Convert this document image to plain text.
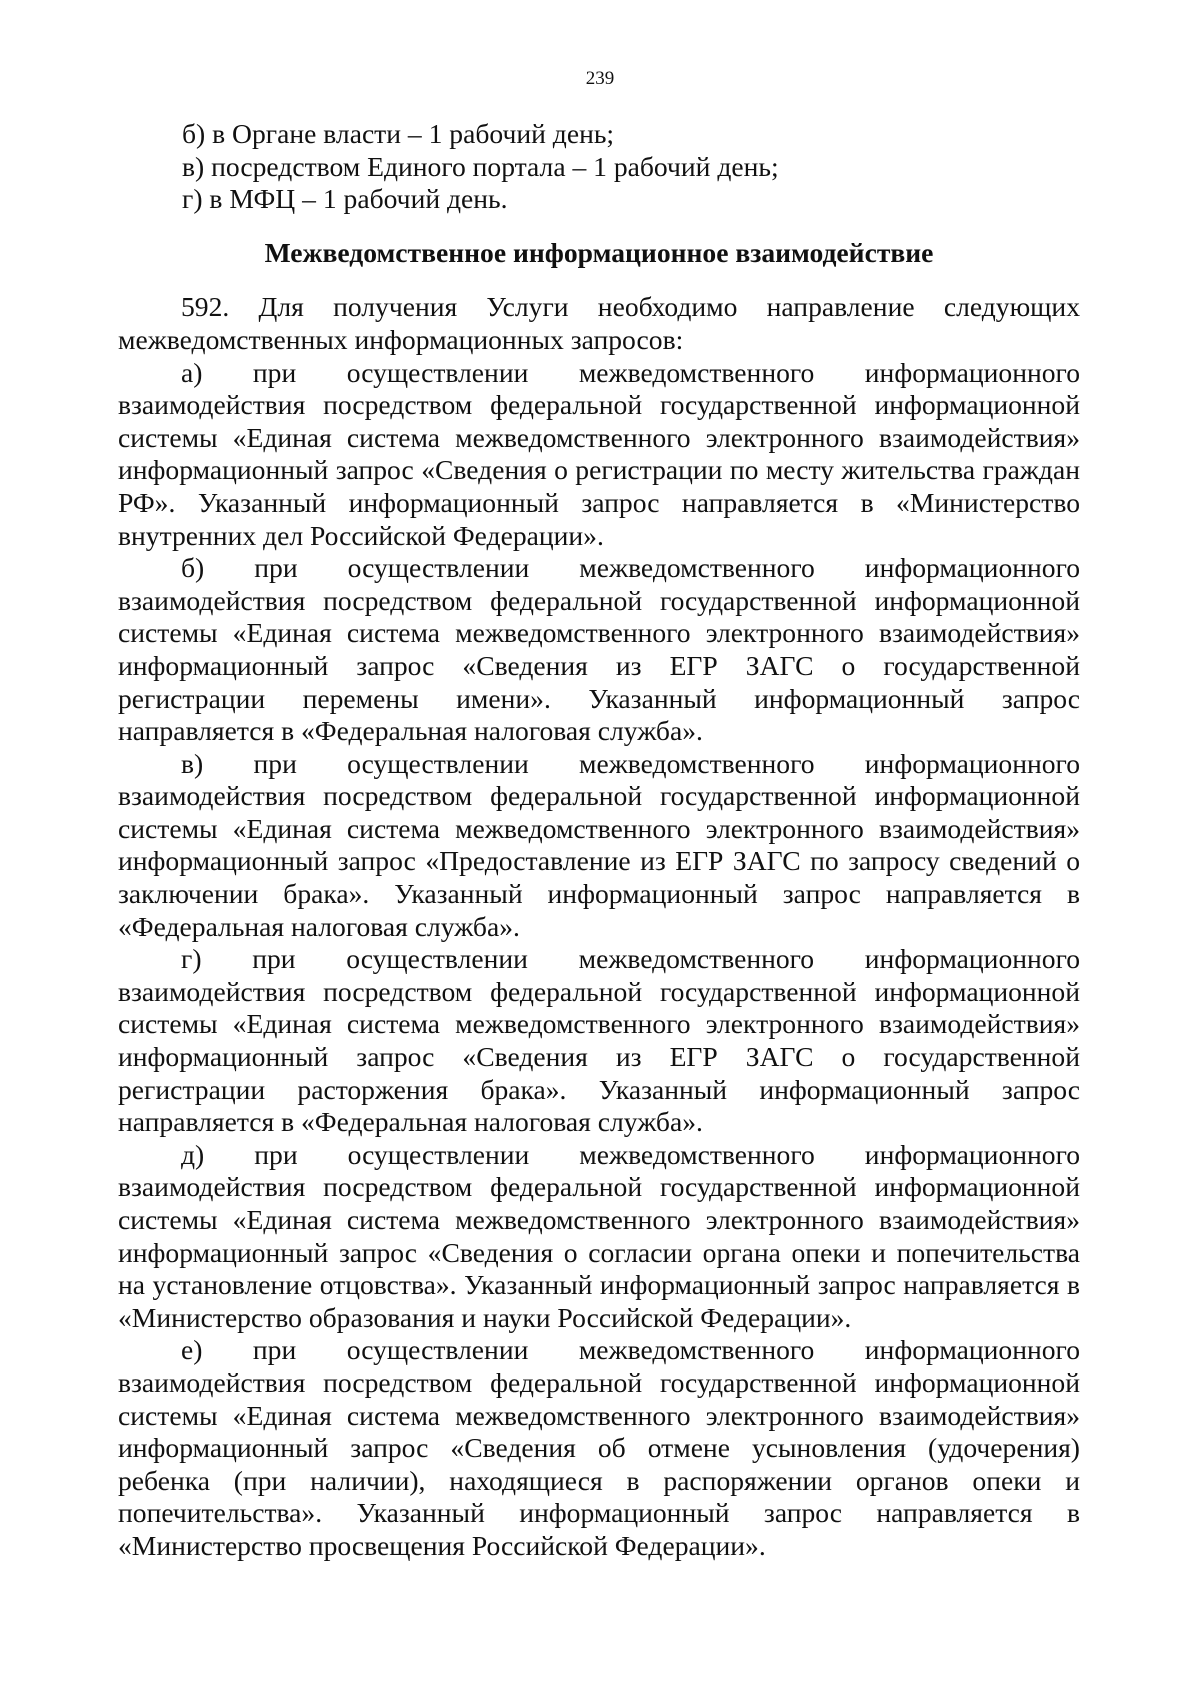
239

б) в Органе власти – 1 рабочий день;

в) посредством Единого портала – 1 рабочий день;

г) в МФЦ – 1 рабочий день.

Межведомственное информационное взаимодействие

592. Для получения Услуги необходимо направление следующих межведомственных информационных запросов:

а) при осуществлении межведомственного информационного взаимодействия посредством федеральной государственной информационной системы «Единая система межведомственного электронного взаимодействия» информационный запрос «Сведения о регистрации по месту жительства граждан РФ». Указанный информационный запрос направляется в «Министерство внутренних дел Российской Федерации».

б) при осуществлении межведомственного информационного взаимодействия посредством федеральной государственной информационной системы «Единая система межведомственного электронного взаимодействия» информационный запрос «Сведения из ЕГР ЗАГС о государственной регистрации перемены имени». Указанный информационный запрос направляется в «Федеральная налоговая служба».

в) при осуществлении межведомственного информационного взаимодействия посредством федеральной государственной информационной системы «Единая система межведомственного электронного взаимодействия» информационный запрос «Предоставление из ЕГР ЗАГС по запросу сведений о заключении брака». Указанный информационный запрос направляется в «Федеральная налоговая служба».

г) при осуществлении межведомственного информационного взаимодействия посредством федеральной государственной информационной системы «Единая система межведомственного электронного взаимодействия» информационный запрос «Сведения из ЕГР ЗАГС о государственной регистрации расторжения брака». Указанный информационный запрос направляется в «Федеральная налоговая служба».

д) при осуществлении межведомственного информационного взаимодействия посредством федеральной государственной информационной системы «Единая система межведомственного электронного взаимодействия» информационный запрос «Сведения о согласии органа опеки и попечительства на установление отцовства». Указанный информационный запрос направляется в «Министерство образования и науки Российской Федерации».

е) при осуществлении межведомственного информационного взаимодействия посредством федеральной государственной информационной системы «Единая система межведомственного электронного взаимодействия» информационный запрос «Сведения об отмене усыновления (удочерения) ребенка (при наличии), находящиеся в распоряжении органов опеки и попечительства». Указанный информационный запрос направляется в «Министерство просвещения Российской Федерации».
